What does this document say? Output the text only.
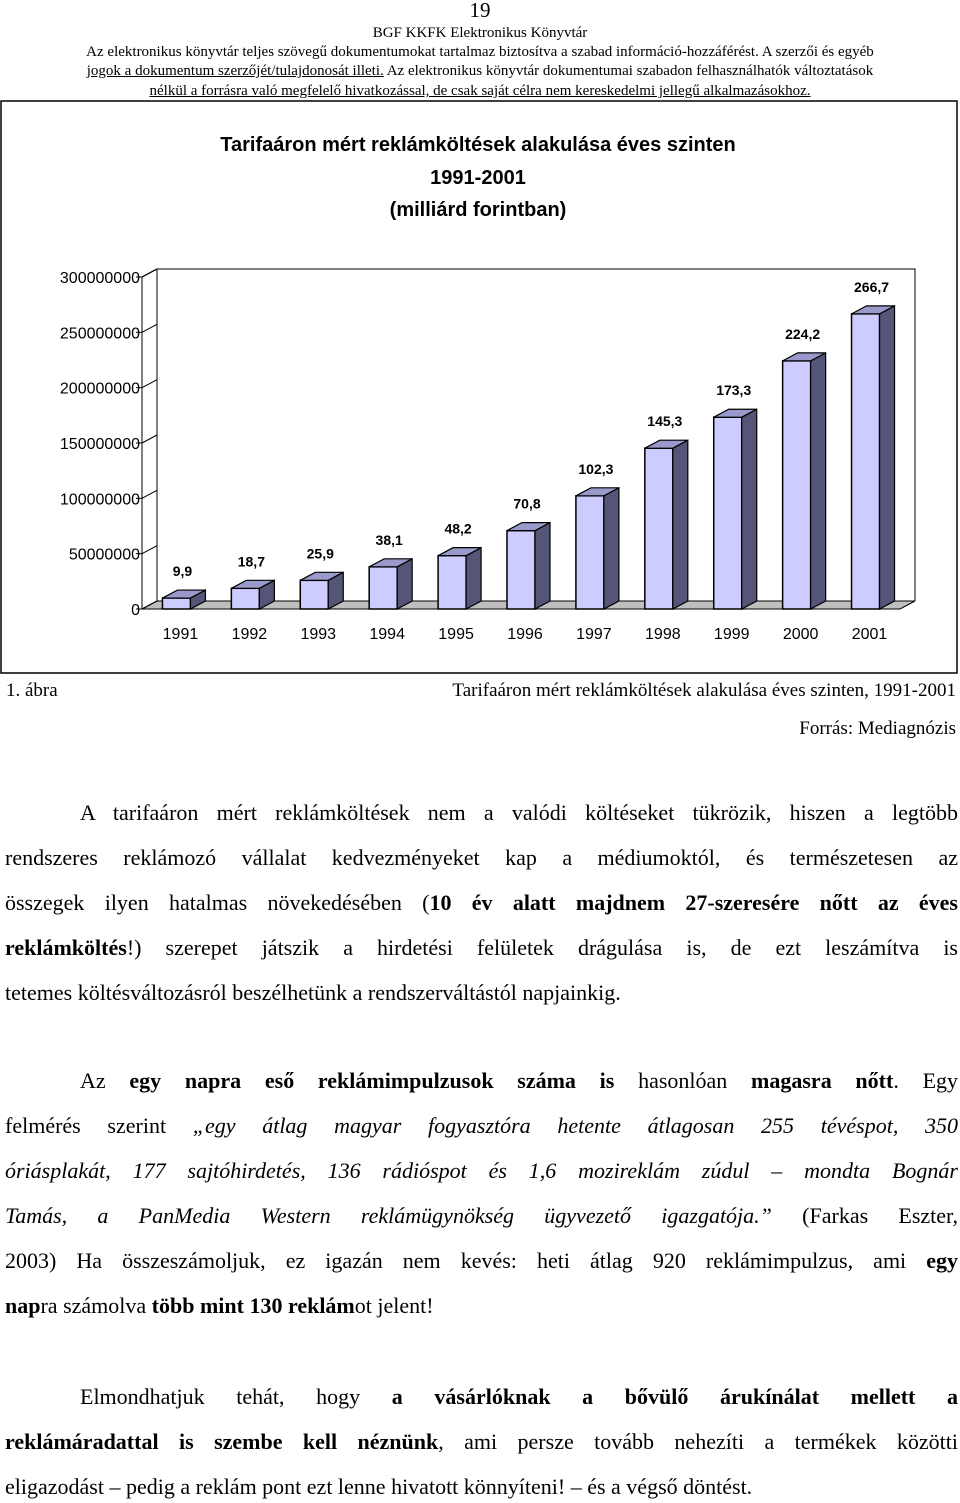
19
BGF KKFK Elektronikus Könyvtár
Az elektronikus könyvtár teljes szövegű dokumentumokat tartalmaz biztosítva a szabad információ-hozzáférést. A szerzői és egyéb
jogok a dokumentum szerzőjét/tulajdonosát illeti. Az elektronikus könyvtár dokumentumai szabadon felhasználhatók változtatások
nélkül a forrásra való megfelelő hivatkozással, de csak saját célra nem kereskedelmi jellegű alkalmazásokhoz.
Tarifaáron mért reklámköltések alakulása éves szinten
1991-2001
(milliárd forintban)
0
50000000
100000000
150000000
200000000
250000000
300000000
9,9
1991
18,7
1992
25,9
1993
38,1
1994
48,2
1995
70,8
1996
102,3
1997
145,3
1998
173,3
1999
224,2
2000
266,7
2001
1. ábra	Tarifaáron mért reklámköltések alakulása éves szinten, 1991-2001
Forrás: Mediagnózis
A tarifaáron mért reklámköltések nem a valódi költéseket tükrözik, hiszen a legtöbb
rendszeres reklámozó vállalat kedvezményeket kap a médiumoktól, és természetesen az
összegek ilyen hatalmas növekedésében (10 év alatt majdnem 27-szeresére nőtt az éves
reklámköltés!) szerepet játszik a hirdetési felületek drágulása is, de ezt leszámítva is
tetemes költésváltozásról beszélhetünk a rendszerváltástól napjainkig.
Az egy napra eső reklámimpulzusok száma is hasonlóan magasra nőtt. Egy
felmérés szerint „egy átlag magyar fogyasztóra hetente átlagosan 255 tévéspot, 350
óriásplakát, 177 sajtóhirdetés, 136 rádióspot és 1,6 mozireklám zúdul – mondta Bognár
Tamás, a PanMedia Western reklámügynökség ügyvezető igazgatója.” (Farkas Eszter,
2003) Ha összeszámoljuk, ez igazán nem kevés: heti átlag 920 reklámimpulzus, ami egy
napra számolva több mint 130 reklámot jelent!
Elmondhatjuk tehát, hogy a vásárlóknak a bővülő árukínálat mellett a
reklámáradattal is szembe kell néznünk, ami persze tovább nehezíti a termékek közötti
eligazodást – pedig a reklám pont ezt lenne hivatott könnyíteni! – és a végső döntést.
